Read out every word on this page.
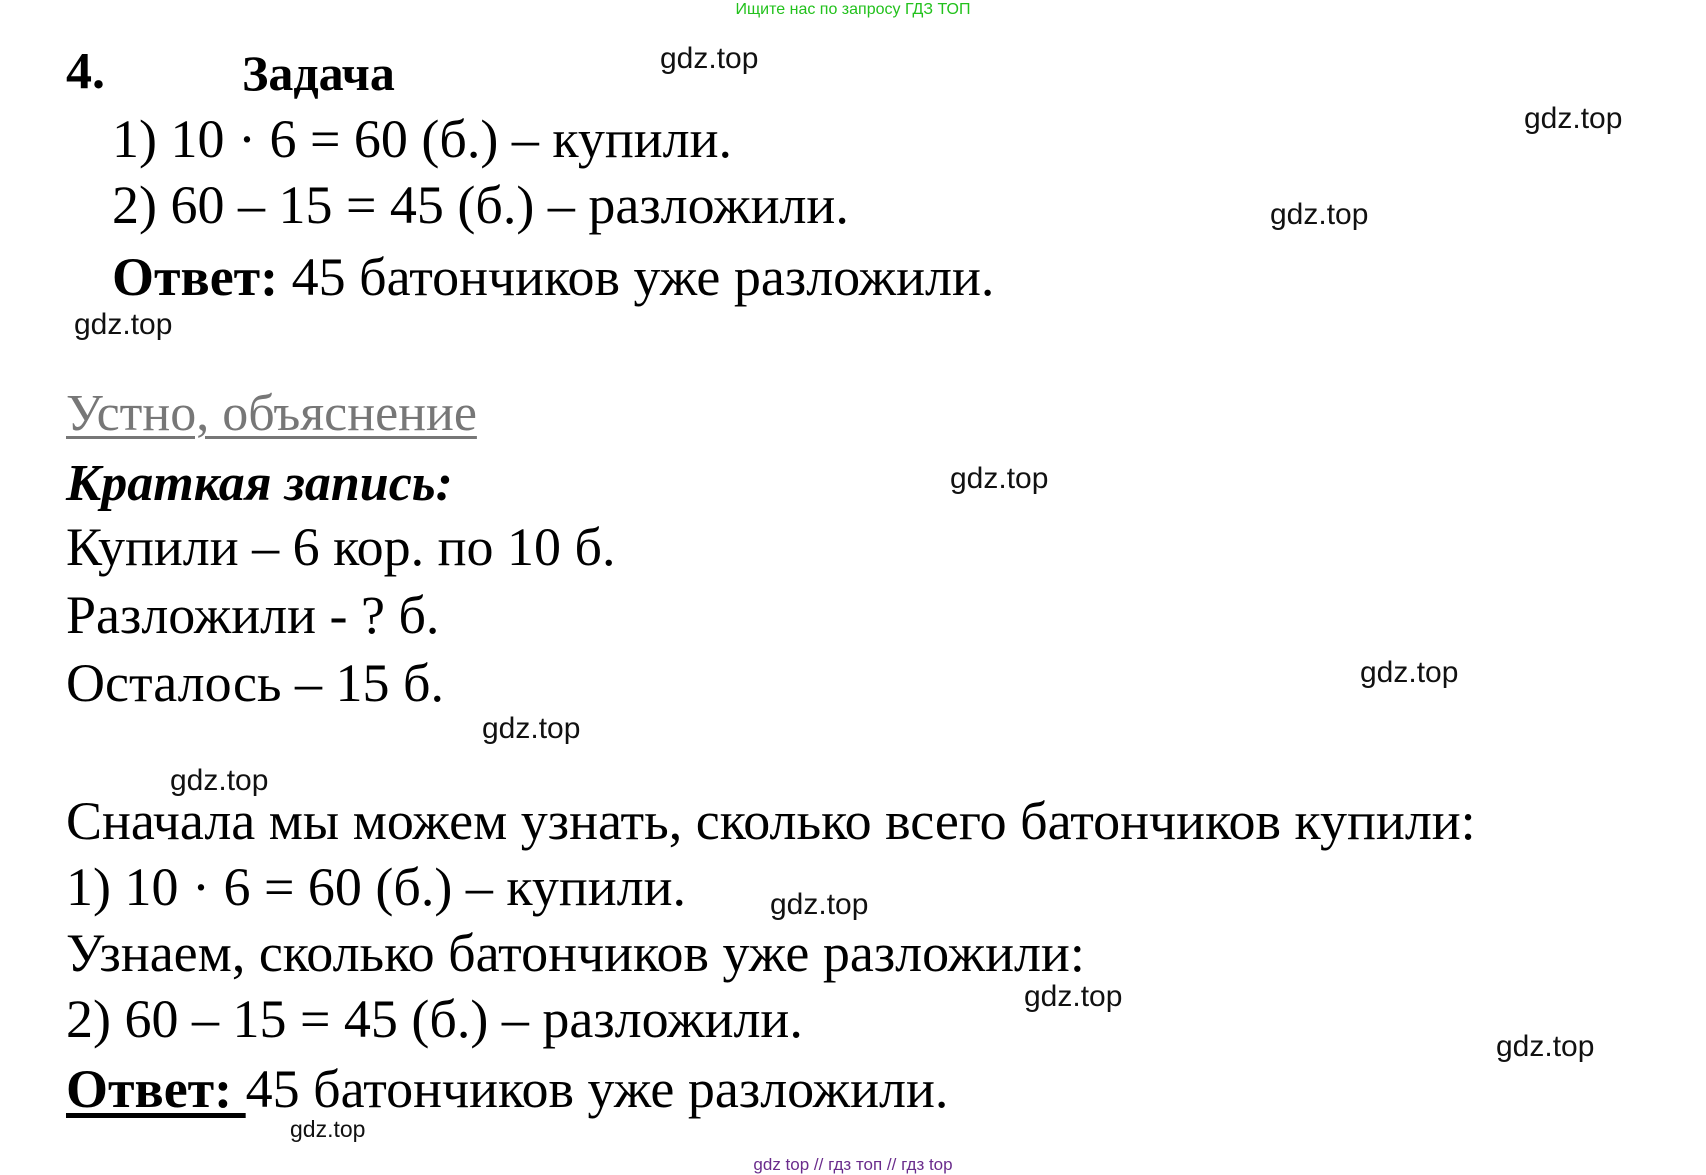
Ищите нас по запросу ГДЗ ТОП
4.	Задача
1) 10 · 6 = 60 (б.) – купили.
2) 60 – 15 = 45 (б.) – разложили.
Ответ: 45 батончиков уже разложили.
Устно, объяснение
Краткая запись:
Купили – 6 кор. по 10 б.
Разложили - ? б.
Осталось – 15 б.
Сначала мы можем узнать, сколько всего батончиков купили:
1) 10 · 6 = 60 (б.) – купили.
Узнаем, сколько батончиков уже разложили:
2) 60 – 15 = 45 (б.) – разложили.
Ответ: 45 батончиков уже разложили.
gdz.top
gdz.top
gdz.top
gdz.top
gdz.top
gdz.top
gdz.top
gdz.top
gdz.top
gdz.top
gdz.top
gdz.top
gdz top // гдз топ // гдз top
